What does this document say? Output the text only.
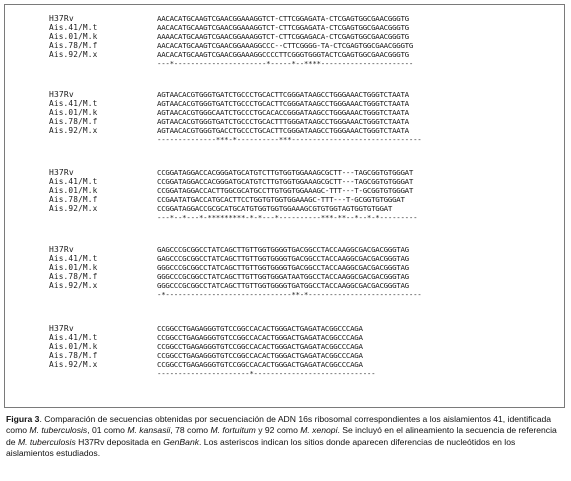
H37Rv

	AACACATGCAAGTCGAACGGAAAGGTCT-CTTCGGAGATA-CTCGAGTGGCGAACGGGTG

Ais.41/M.t

	AACACATGCAAGTCGAACGGAAAGGTCT-CTTCGGAGATA-CTCGAGTGGCGAACGGGTG

Ais.01/M.k

	AAAACATGCAAGTCGAACGGAAAGGTCT-CTTCGGAGACA-CTCGAGTGGCGAACGGGTG

Ais.78/M.f

	AACACATGCAAGTCGAACGGAAAGGCCC--CTTCGGGG-TA-CTCGAGTGGCGAACGGGTG

Ais.92/M.x

	AACACATGCAAGTCGAACGGAAAGGCCCCTTCGGGTGGGTACTCGAGTGGCGAACGGGTG

---*----------------------*-----*--****----------------------

H37Rv

	AGTAACACGTGGGTGATCTGCCCTGCACTTCGGGATAAGCCTGGGAAACTGGGTCTAATA

Ais.41/M.t

	AGTAACACGTGGGTGATCTGCCCTGCACTTCGGGATAAGCCTGGGAAACTGGGTCTAATA

Ais.01/M.k

	AGTAACACGTGGGCAATCTGCCCTGCACACCGGGATAAGCCTGGGAAACTGGGTCTAATA

Ais.78/M.f

	AGTAACACGTGGGTGATCTGCCCTGCACTTTGGGATAAGCCTGGGAAACTGGGTCTAATA

Ais.92/M.x

	AGTAACACGTGGGTGACCTGCCCTGCACTTCGGGATAAGCCTGGGAAACTGGGTCTAATA

--------------***-*----------***-------------------------------

H37Rv

	CCGGATAGGACCACGGGATGCATGTCTTGTGGTGGAAAGCGCTT---TAGCGGTGTGGGAT

Ais.41/M.t

	CCGGATAGGACCACGGGATGCATGTCTTGTGGTGGAAAGCGCTT---TAGCGGTGTGGGAT

Ais.01/M.k

	CCGGATAGGACCACTTGGCGCATGCCTTGTGGTGGAAAGC-TTT---T-GCGGTGTGGGAT

Ais.78/M.f

	CCGAATATGACCATGCACTTCCTGGTGTGGTGGAAAGC-TTT---T-GCGGTGTGGGAT

Ais.92/M.x

	CCGGATAGGACCGCGCATGCATGTGGTGGTGGAAAGCGTGTGGTAGTGGTGTGGAT

---*--*---*-*********-*-*---*----------***-**--*--*-*---------

H37Rv

	GAGCCCGCGGCCTATCAGCTTGTTGGTGGGGTGACGGCCTACCAAGGCGACGACGGGTAG

Ais.41/M.t

	GAGCCCGCGGCCTATCAGCTTGTTGGTGGGGTGACGGCCTACCAAGGCGACGACGGGTAG

Ais.01/M.k

	GGGCCCGCGGCCTATCAGCTTGTTGGTGGGGTGACGGCCTACCAAGGCGACGACGGGTAG

Ais.78/M.f

	GGGCCCGCGGCCTATCAGCTTGTTGGTGGGATAATGGCCTACCAAGGCGACGACGGGTAG

Ais.92/M.x

	GGGCCCGCGGCCTATCAGCTTGTTGGTGGGGTGATGGCCTACCAAGGCGACGACGGGTAG

-*------------------------------**-*---------------------------

H37Rv

	CCGGCCTGAGAGGGTGTCCGGCCACACTGGGACTGAGATACGGCCCAGA

Ais.41/M.t

	CCGGCCTGAGAGGGTGTCCGGCCACACTGGGACTGAGATACGGCCCAGA

Ais.01/M.k

	CCGGCCTGAGAGGGTGTCCGGCCACACTGGGACTGAGATACGGCCCAGA

Ais.78/M.f

	CCGGCCTGAGAGGGTGTCCGGCCACACTGGGACTGAGATACGGCCCAGA

Ais.92/M.x

	CCGGCCTGAGAGGGTGTCCGGCCACACTGGGACTGAGATACGGCCCAGA

----------------------*-----------------------------

Figura 3. Comparación de secuencias obtenidas por secuenciación de ADN 16s ribosomal correspondientes a los aislamientos 41, identificada como M. tuberculosis, 01 como M. kansasii, 78 como M. fortuitum y 92 como M. xenopi. Se incluyó en el alineamiento la secuencia de referencia de M. tuberculosis H37Rv depositada en GenBank. Los asteriscos indican los sitios donde aparecen diferencias de nucleótidos en los aislamientos estudiados.
